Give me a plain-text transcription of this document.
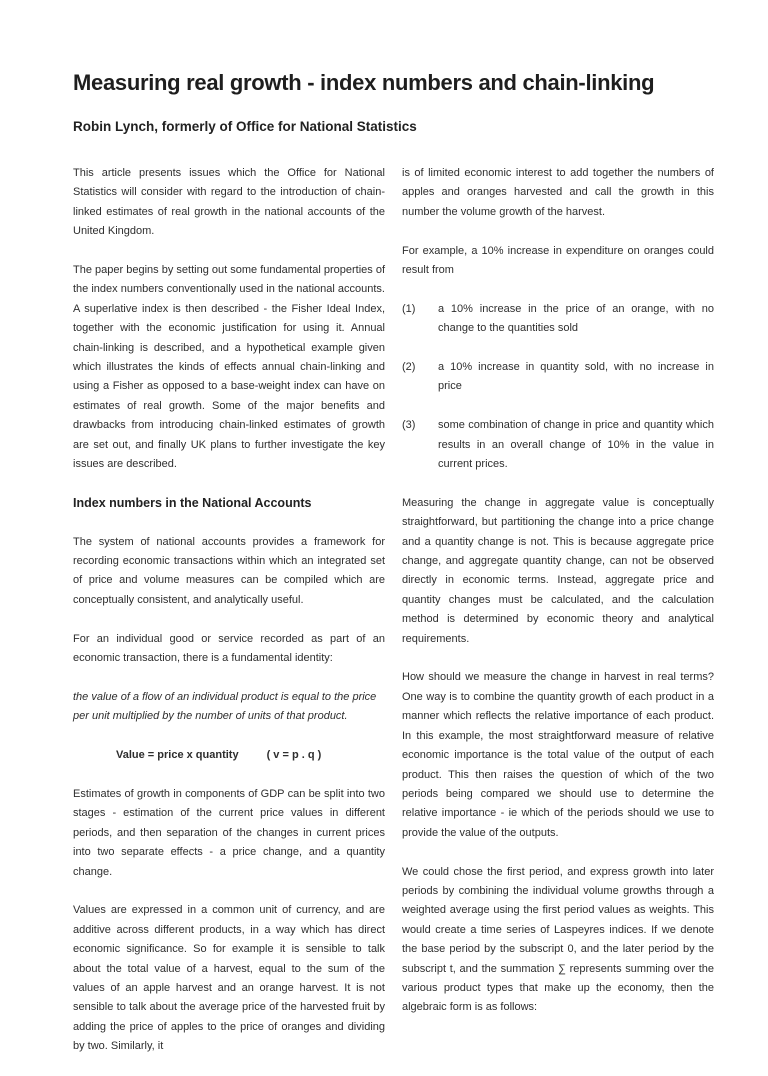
Measuring real growth - index numbers and chain-linking
Robin Lynch, formerly of Office for National Statistics

This article presents issues which the Office for National Statistics will consider with regard to the introduction of chain-linked estimates of real growth in the national accounts of the United Kingdom.

The paper begins by setting out some fundamental properties of the index numbers conventionally used in the national accounts. A superlative index is then described - the Fisher Ideal Index, together with the economic justification for using it. Annual chain-linking is described, and a hypothetical example given which illustrates the kinds of effects annual chain-linking and using a Fisher as opposed to a base-weight index can have on estimates of real growth. Some of the major benefits and drawbacks from introducing chain-linked estimates of growth are set out, and finally UK plans to further investigate the key issues are described.

Index numbers in the National Accounts

The system of national accounts provides a framework for recording economic transactions within which an integrated set of price and volume measures can be compiled which are conceptually consistent, and analytically useful.

For an individual good or service recorded as part of an economic transaction, there is a fundamental identity:

the value of a flow of an individual product is equal to the price per unit multiplied by the number of units of that product.

Value = price x quantity	( v = p . q )

Estimates of growth in components of GDP can be split into two stages - estimation of the current price values in different periods, and then separation of the changes in current prices into two separate effects - a price change, and a quantity change.

Values are expressed in a common unit of currency, and are additive across different products, in a way which has direct economic significance. So for example it is sensible to talk about the total value of a harvest, equal to the sum of the values of an apple harvest and an orange harvest. It is not sensible to talk about the average price of the harvested fruit by adding the price of apples to the price of oranges and dividing by two. Similarly, it

is of limited economic interest to add together the numbers of apples and oranges harvested and call the growth in this number the volume growth of the harvest.

For example, a 10% increase in expenditure on oranges could result from

(1)	a 10% increase in the price of an orange, with no change to the quantities sold
(2)	a 10% increase in quantity sold, with no increase in price
(3)	some combination of change in price and quantity which results in an overall change of 10% in the value in current prices.

Measuring the change in aggregate value is conceptually straightforward, but partitioning the change into a price change and a quantity change is not. This is because aggregate price change, and aggregate quantity change, can not be observed directly in economic terms. Instead, aggregate price and quantity changes must be calculated, and the calculation method is determined by economic theory and analytical requirements.

How should we measure the change in harvest in real terms? One way is to combine the quantity growth of each product in a manner which reflects the relative importance of each product. In this example, the most straightforward measure of relative economic importance is the total value of the output of each product. This then raises the question of which of the two periods being compared we should use to determine the relative importance - ie which of the periods should we use to provide the value of the outputs.

We could chose the first period, and express growth into later periods by combining the individual volume growths through a weighted average using the first period values as weights. This would create a time series of Laspeyres indices. If we denote the base period by the subscript 0, and the later period by the subscript t, and the summation ∑ represents summing over the various product types that make up the economy, then the algebraic form is as follows:
